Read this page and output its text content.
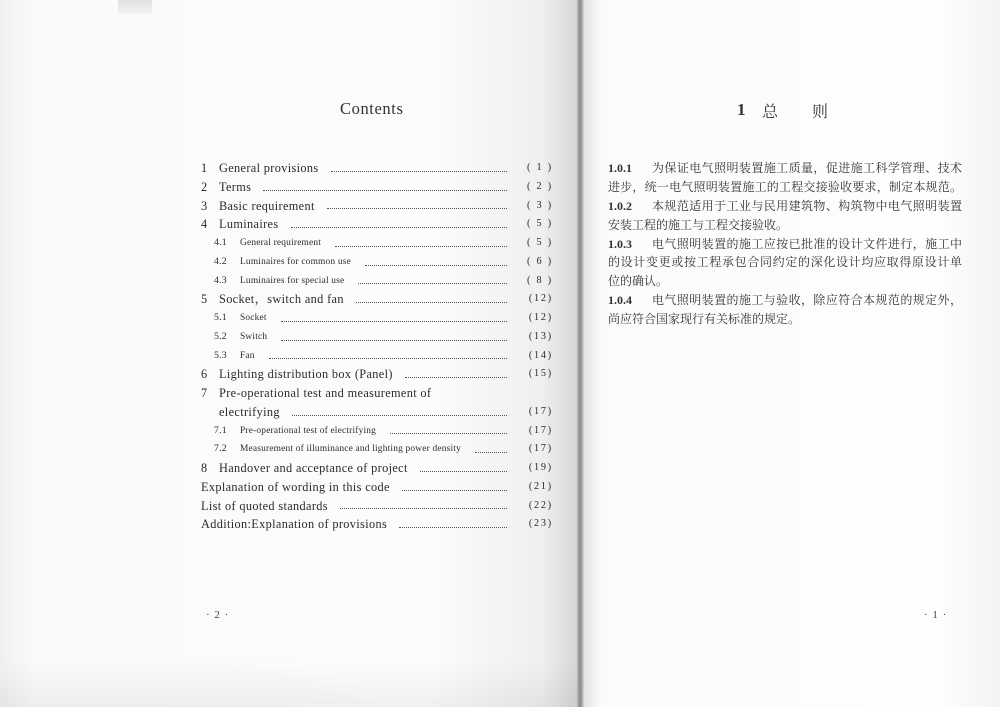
Contents
1 General provisions	( 1 )
2 Terms	( 2 )
3 Basic requirement	( 3 )
4 Luminaires	( 5 )
4.1	General requirement	( 5 )
4.2	Luminaires for common use	( 6 )
4.3	Luminaires for special use	( 8 )
5 Socket，switch and fan	(12)
5.1	Socket	(12)
5.2	Switch	(13)
5.3	Fan	(14)
6 Lighting distribution box (Panel)	(15)
7 Pre-operational test and measurement of
electrifying	(17)
7.1	Pre-operational test of electrifying	(17)
7.2	Measurement of illuminance and lighting power density	(17)
8 Handover and acceptance of project	(19)
Explanation of wording in this code	(21)
List of quoted standards	(22)
Addition:Explanation of provisions	(23)
· 2 ·
1 总则
1.0.1	为保证电气照明装置施工质量，促进施工科学管理、技术
进步，统一电气照明装置施工的工程交接验收要求，制定本规范。
1.0.2	本规范适用于工业与民用建筑物、构筑物中电气照明装置
安装工程的施工与工程交接验收。
1.0.3	电气照明装置的施工应按已批准的设计文件进行，施工中
的设计变更或按工程承包合同约定的深化设计均应取得原设计单
位的确认。
1.0.4	电气照明装置的施工与验收，除应符合本规范的规定外，
尚应符合国家现行有关标准的规定。
· 1 ·
